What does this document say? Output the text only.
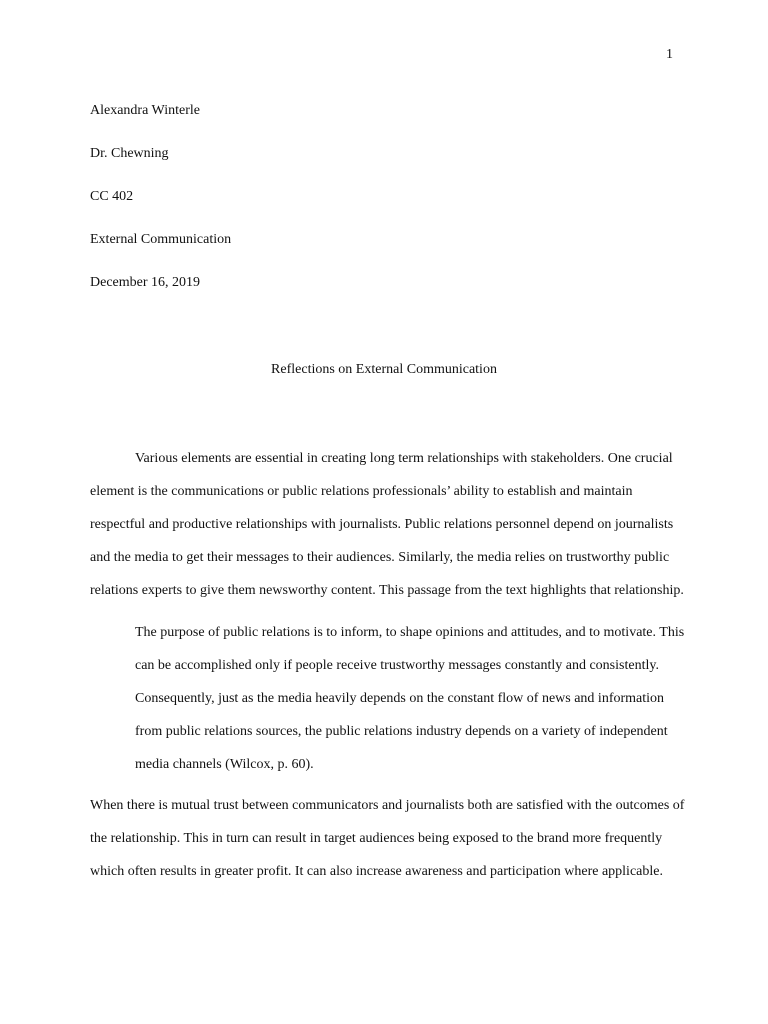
1
Alexandra Winterle
Dr. Chewning
CC 402
External Communication
December 16, 2019
Reflections on External Communication
Various elements are essential in creating long term relationships with stakeholders. One crucial element is the communications or public relations professionals’ ability to establish and maintain respectful and productive relationships with journalists. Public relations personnel depend on journalists and the media to get their messages to their audiences. Similarly, the media relies on trustworthy public relations experts to give them newsworthy content. This passage from the text highlights that relationship.
The purpose of public relations is to inform, to shape opinions and attitudes, and to motivate. This
can be accomplished only if people receive trustworthy messages constantly and consistently.
Consequently, just as the media heavily depends on the constant flow of news and information
from public relations sources, the public relations industry depends on a variety of independent
media channels (Wilcox, p. 60).
When there is mutual trust between communicators and journalists both are satisfied with the outcomes of
the relationship. This in turn can result in target audiences being exposed to the brand more frequently
which often results in greater profit. It can also increase awareness and participation where applicable.
